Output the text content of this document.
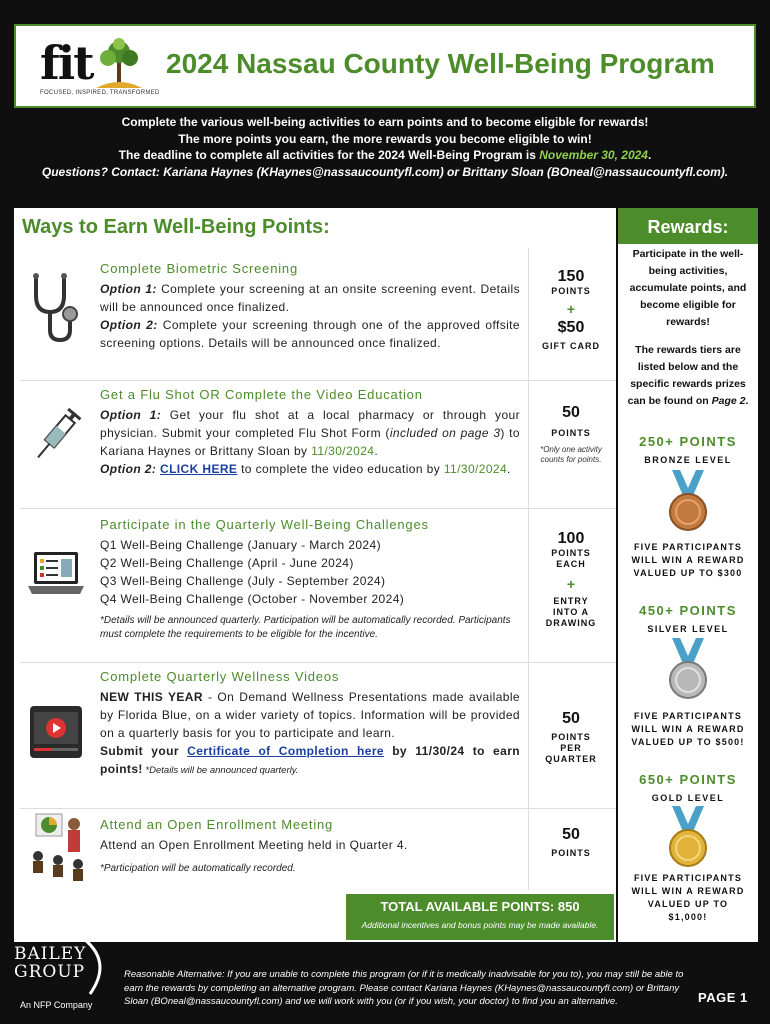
fit
FOCUSED, INSPIRED, TRANSFORMED
2024 Nassau County Well-Being Program
Complete the various well-being activities to earn points and to become eligible for rewards!
The more points you earn, the more rewards you become eligible to win!
The deadline to complete all activities for the 2024 Well-Being Program is November 30, 2024.
Questions? Contact: Kariana Haynes (KHaynes@nassaucountyfl.com) or Brittany Sloan (BOneal@nassaucountyfl.com).
Ways to Earn Well-Being Points:
Complete Biometric Screening
Option 1: Complete your screening at an onsite screening event. Details will be announced once finalized.
Option 2: Complete your screening through one of the approved offsite screening options. Details will be announced once finalized.
150
POINTS
+
$50
GIFT CARD
Get a Flu Shot OR Complete the Video Education
Option 1: Get your flu shot at a local pharmacy or through your physician. Submit your completed Flu Shot Form (included on page 3) to Kariana Haynes or Brittany Sloan by 11/30/2024.
Option 2: CLICK HERE to complete the video education by 11/30/2024.
50
POINTS
*Only one activity counts for points.
Participate in the Quarterly Well-Being Challenges
Q1 Well-Being Challenge (January - March 2024)
Q2 Well-Being Challenge (April - June 2024)
Q3 Well-Being Challenge (July - September 2024)
Q4 Well-Being Challenge (October - November 2024)
*Details will be announced quarterly. Participation will be automatically recorded. Participants must complete the requirements to be eligible for the incentive.
100
POINTS
EACH
+
ENTRY INTO A DRAWING
Complete Quarterly Wellness Videos
NEW THIS YEAR - On Demand Wellness Presentations made available by Florida Blue, on a wider variety of topics. Information will be provided on a quarterly basis for you to participate and learn.
Submit your Certificate of Completion here by 11/30/24 to earn points! *Details will be announced quarterly.
50
POINTS
PER
QUARTER
Attend an Open Enrollment Meeting
Attend an Open Enrollment Meeting held in Quarter 4.
*Participation will be automatically recorded.
50
POINTS
TOTAL AVAILABLE POINTS: 850
Additional incentives and bonus points may be made available.
Rewards:
Participate in the well-being activities, accumulate points, and become eligible for rewards!
The rewards tiers are listed below and the specific rewards prizes can be found on Page 2.
250+ POINTS
BRONZE LEVEL
FIVE PARTICIPANTS WILL WIN A REWARD VALUED UP TO $300
450+ POINTS
SILVER LEVEL
FIVE PARTICIPANTS WILL WIN A REWARD VALUED UP TO $500!
650+ POINTS
GOLD LEVEL
FIVE PARTICIPANTS WILL WIN A REWARD VALUED UP TO $1,000!
THE
BAILEY
GROUP
An NFP Company
Reasonable Alternative: If you are unable to complete this program (or if it is medically inadvisable for you to), you may still be able to earn the rewards by completing an alternative program. Please contact Kariana Haynes (KHaynes@nassaucountyfl.com) or Brittany Sloan (BOneal@nassaucountyfl.com) and we will work with you (or if you wish, your doctor) to find you an alternative.	PAGE 1
